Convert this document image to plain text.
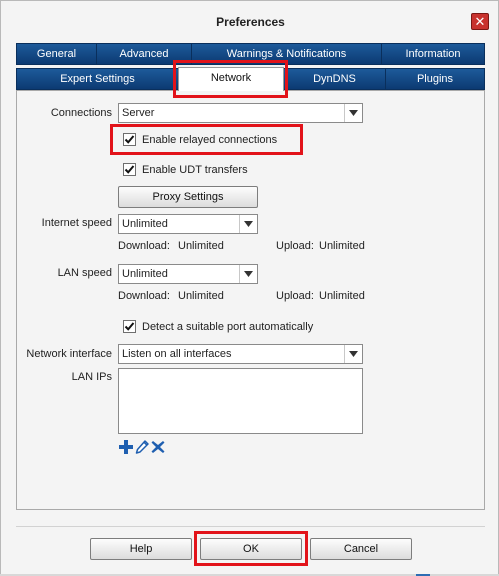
Preferences	✕
General	Advanced	Warnings & Notifications	Information
Expert Settings	DynDNS	Plugins
Network
Connections Server
Enable relayed connections
Enable UDT transfers
Proxy Settings
Internet speed Unlimited
Download: Unlimited	Upload: Unlimited
LAN speed Unlimited
Download: Unlimited	Upload: Unlimited
Detect a suitable port automatically
Network interface Listen on all interfaces
LAN IPs
Help	OK	Cancel
